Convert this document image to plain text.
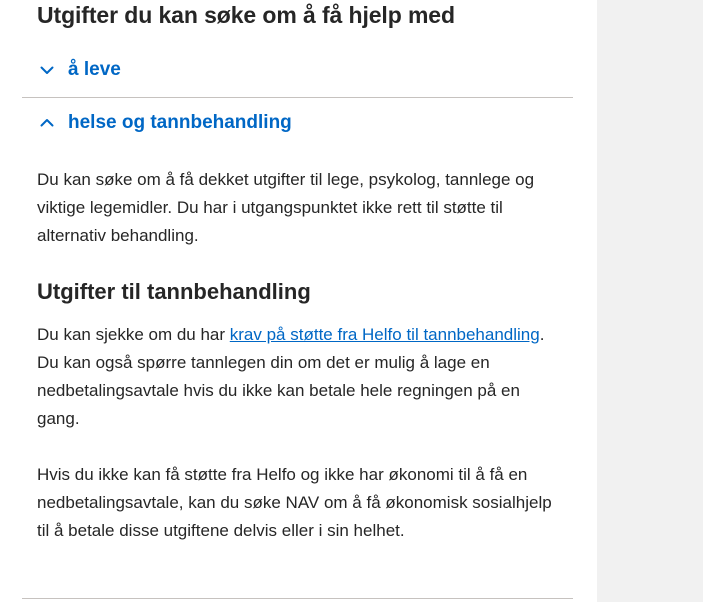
Utgifter du kan søke om å få hjelp med
å leve
helse og tannbehandling

Du kan søke om å få dekket utgifter til lege, psykolog, tannlege og viktige legemidler. Du har i utgangspunktet ikke rett til støtte til alternativ behandling.

Utgifter til tannbehandling

Du kan sjekke om du har krav på støtte fra Helfo til tannbehandling. Du kan også spørre tannlegen din om det er mulig å lage en nedbetalingsavtale hvis du ikke kan betale hele regningen på en gang.

Hvis du ikke kan få støtte fra Helfo og ikke har økonomi til å få en nedbetalingsavtale, kan du søke NAV om å få økonomisk sosialhjelp til å betale disse utgiftene delvis eller i sin helhet.
